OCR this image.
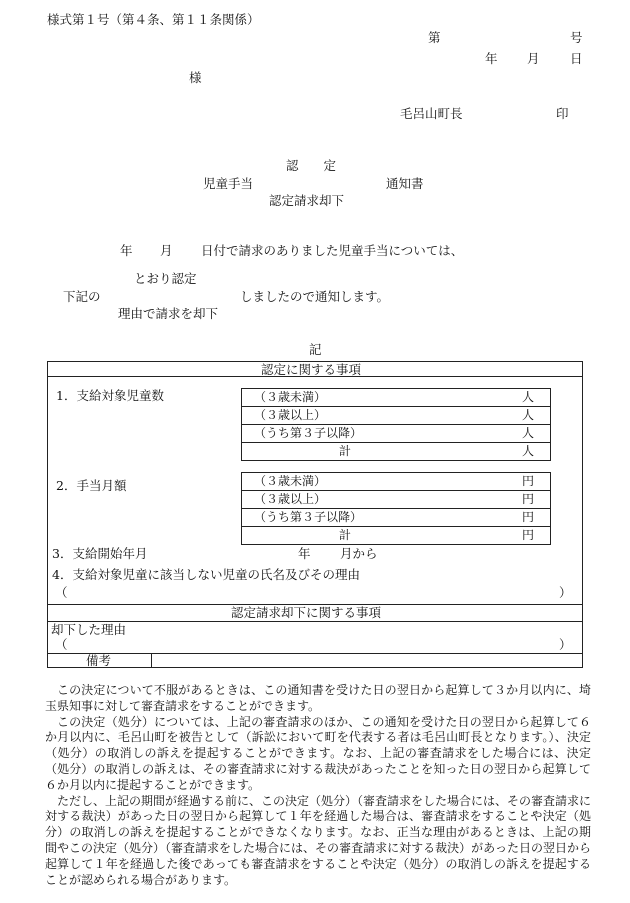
様式第１号（第４条、第１１条関係）
第	号
年 月 日
様
毛呂山町長	印
認　　定
児童手当	通知書
認定請求却下
年 月 日付で請求のありました児童手当については、
とおり認定
下記の	しましたので通知します。
理由で請求を却下
記
認定に関する事項
1．支給対象児童数	（３歳未満）	人
（３歳以上）	人
（うち第３子以降）	人
計	人
2．手当月額	（３歳未満）	円
（３歳以上）	円
（うち第３子以降）	円
計	円
3．支給開始年月	年 月から
4．支給対象児童に該当しない児童の氏名及びその理由
（	）
認定請求却下に関する事項
却下した理由
（	）
備考

この決定について不服があるときは、この通知書を受けた日の翌日から起算して３か月以内に、埼玉県知事に対して審査請求をすることができます。

この決定（処分）については、上記の審査請求のほか、この通知を受けた日の翌日から起算して６か月以内に、毛呂山町を被告として（訴訟において町を代表する者は毛呂山町長となります。）、決定（処分）の取消しの訴えを提起することができます。なお、上記の審査請求をした場合には、決定（処分）の取消しの訴えは、その審査請求に対する裁決があったことを知った日の翌日から起算して６か月以内に提起することができます。

ただし、上記の期間が経過する前に、この決定（処分）（審査請求をした場合には、その審査請求に対する裁決）があった日の翌日から起算して１年を経過した場合は、審査請求をすることや決定（処分）の取消しの訴えを提起することができなくなります。なお、正当な理由があるときは、上記の期間やこの決定（処分）（審査請求をした場合には、その審査請求に対する裁決）があった日の翌日から起算して１年を経過した後であっても審査請求をすることや決定（処分）の取消しの訴えを提起することが認められる場合があります。
